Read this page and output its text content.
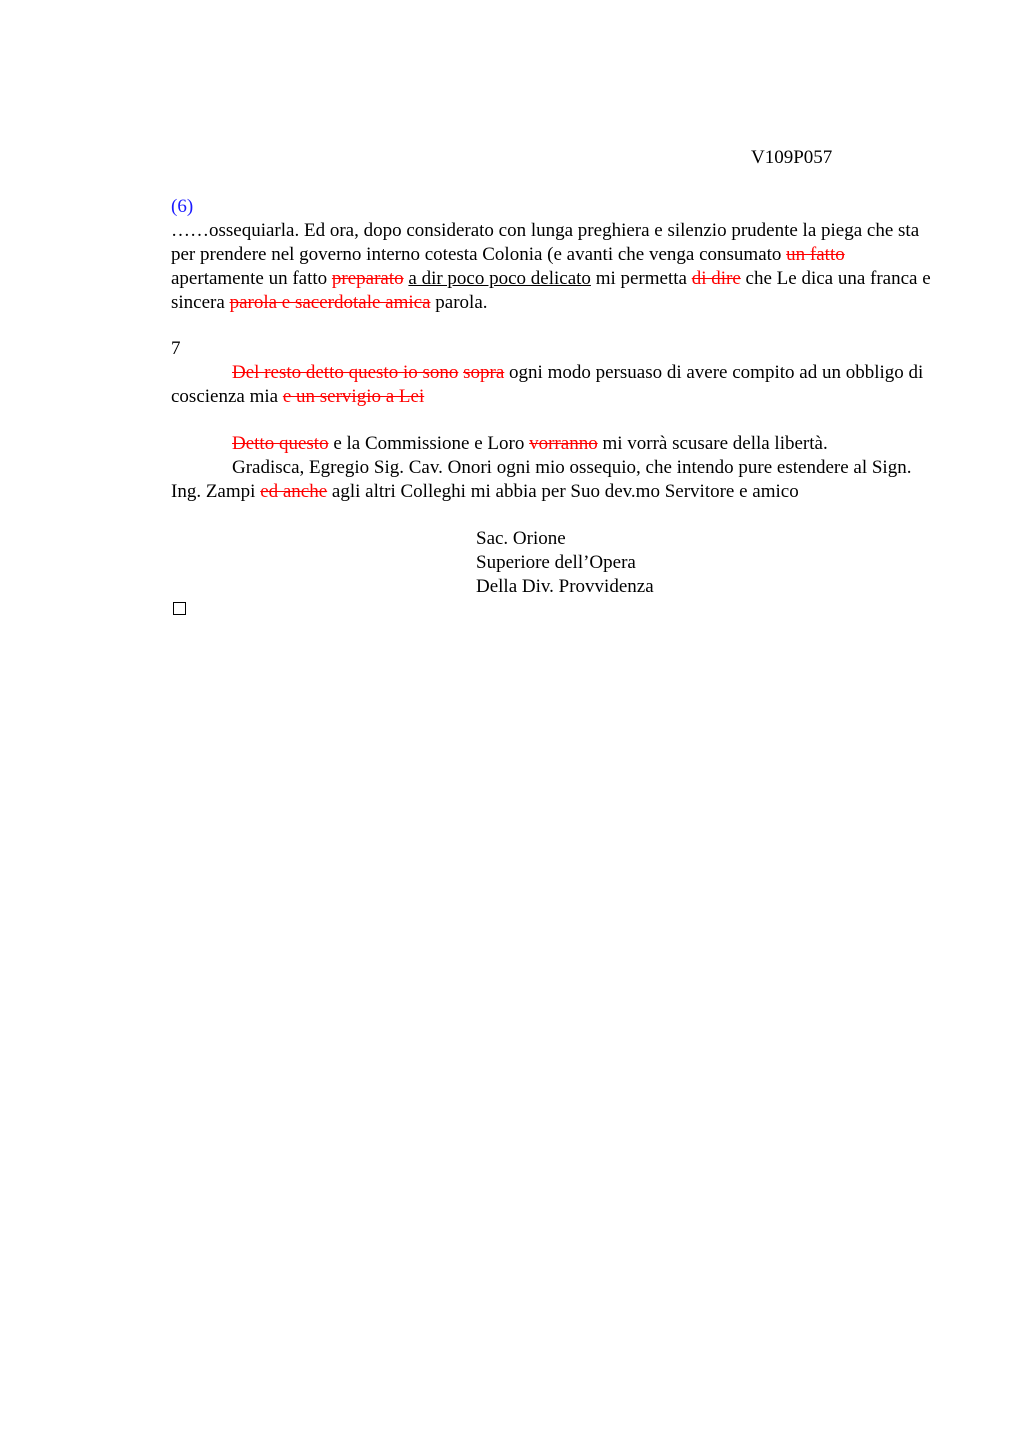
V109P057
(6)

……ossequiarla. Ed ora, dopo considerato con lunga preghiera e silenzio prudente la piega che sta per prendere nel governo interno cotesta Colonia (e avanti che venga consumato un fatto apertamente un fatto preparato a dir poco poco delicato mi permetta di dire che Le dica una franca e sincera parola e sacerdotale amica parola.

7

Del resto detto questo io sono sopra ogni modo persuaso di avere compito ad un obbligo di coscienza mia e un servigio a Lei

Detto questo e la Commissione e Loro vorranno mi vorrà scusare della libertà.

Gradisca, Egregio Sig. Cav. Onori ogni mio ossequio, che intendo pure estendere al Sign. Ing. Zampi ed anche agli altri Colleghi mi abbia per Suo dev.mo Servitore e amico

Sac. Orione
Superiore dell’Opera
Della Div. Provvidenza
